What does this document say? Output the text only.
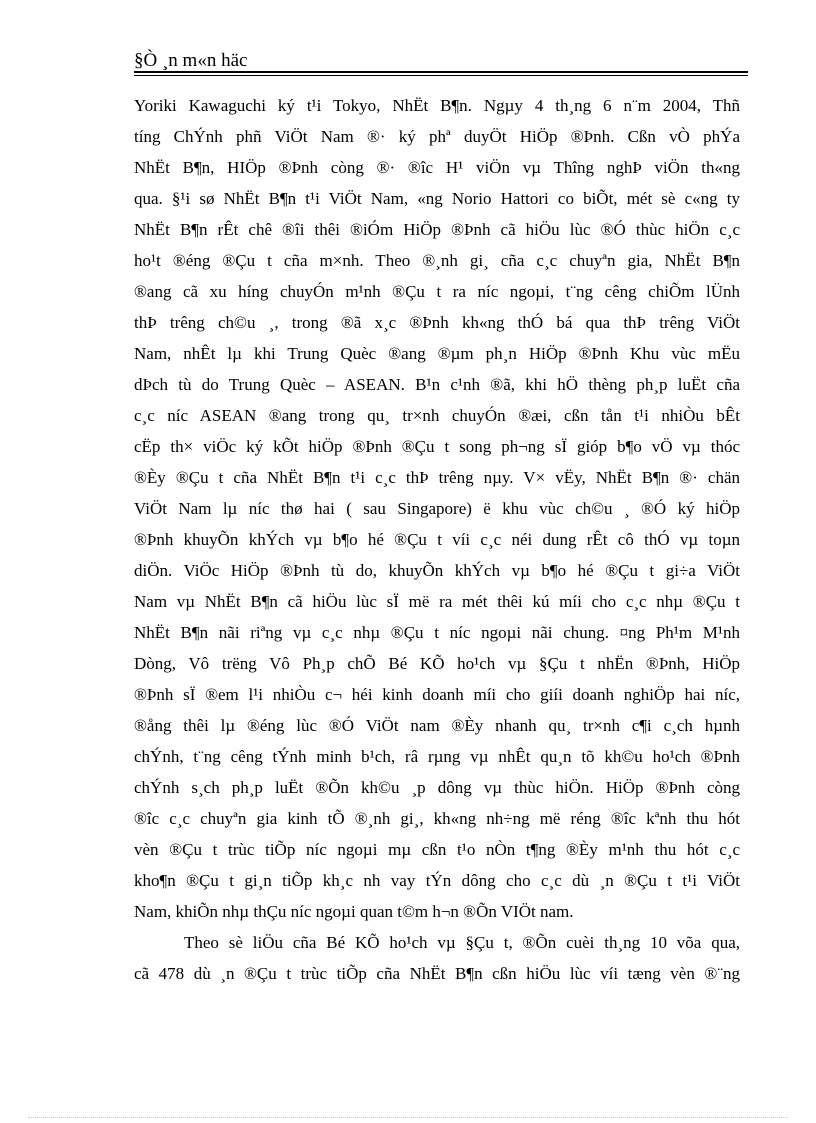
§Ò ¸n m«n häc
Yoriki Kawaguchi ký t¹i Tokyo, NhËt B¶n. Ngµy 4 th¸ng 6 n¨m 2004, Thñ
tíng ChÝnh phñ ViÖt Nam ®· ký phª duyÖt HiÖp ®Þnh. Cßn vÒ phÝa
NhËt B¶n, HIÖp ®Þnh còng ®· ®îc H¹ viÖn vµ Thîng nghÞ viÖn th«ng
qua. §¹i sø NhËt B¶n t¹i ViÖt Nam, «ng Norio Hattori co biÕt, mét sè c«ng ty
NhËt B¶n rÊt chê ®îi thêi ®iÓm HiÖp ®Þnh cã hiÖu lùc ®Ó thùc hiÖn c¸c
ho¹t ®éng ®Çu t cña m×nh. Theo ®¸nh gi¸ cña c¸c chuyªn gia, NhËt B¶n
®ang cã xu híng chuyÓn m¹nh ®Çu t ra níc ngoµi, t¨ng cêng chiÕm lÜnh
thÞ trêng ch©u ¸, trong ®ã x¸c ®Þnh kh«ng thÓ bá qua thÞ trêng ViÖt
Nam, nhÊt lµ khi Trung Quèc ®ang ®µm ph¸n HiÖp ®Þnh Khu vùc mËu
dÞch tù do Trung Quèc – ASEAN. B¹n c¹nh ®ã, khi hÖ thèng ph¸p luËt cña
c¸c níc ASEAN ®ang trong qu¸ tr×nh chuyÓn ®æi, cßn tån t¹i nhiÒu bÊt
cËp th× viÖc ký kÕt hiÖp ®Þnh ®Çu t song ph¬ng sÏ gióp b¶o vÖ vµ thóc
®Èy ®Çu t cña NhËt B¶n t¹i c¸c thÞ trêng nµy. V× vËy, NhËt B¶n ®· chän
ViÖt Nam lµ níc thø hai ( sau Singapore) ë khu vùc ch©u ¸ ®Ó ký hiÖp
®Þnh khuyÕn khÝch vµ b¶o hé ®Çu t víi c¸c néi dung rÊt cô thÓ vµ toµn
diÖn. ViÖc HiÖp ®Þnh tù do, khuyÕn khÝch vµ b¶o hé ®Çu t gi÷a ViÖt
Nam vµ NhËt B¶n cã hiÖu lùc sÏ më ra mét thêi kú míi cho c¸c nhµ ®Çu t
NhËt B¶n nãi riªng vµ c¸c nhµ ®Çu t níc ngoµi nãi chung. ¤ng Ph¹m M¹nh
Dòng, Vô trëng Vô Ph¸p chÕ Bé KÕ ho¹ch vµ §Çu t nhËn ®Þnh, HiÖp
®Þnh sÏ ®em l¹i nhiÒu c¬ héi kinh doanh míi cho giíi doanh nghiÖp hai níc,
®ång thêi lµ ®éng lùc ®Ó ViÖt nam ®Èy nhanh qu¸ tr×nh c¶i c¸ch hµnh
chÝnh, t¨ng cêng tÝnh minh b¹ch, râ rµng vµ nhÊt qu¸n tõ kh©u ho¹ch ®Þnh
chÝnh s¸ch ph¸p luËt ®Õn kh©u ¸p dông vµ thùc hiÖn. HiÖp ®Þnh còng
®îc c¸c chuyªn gia kinh tÕ ®¸nh gi¸, kh«ng nh÷ng më réng ®îc kªnh thu hót
vèn ®Çu t trùc tiÕp níc ngoµi mµ cßn t¹o nÒn t¶ng ®Èy m¹nh thu hót c¸c
kho¶n ®Çu t gi¸n tiÕp kh¸c nh vay tÝn dông cho c¸c dù ¸n ®Çu t t¹i ViÖt
Nam, khiÕn nhµ thÇu níc ngoµi quan t©m h¬n ®Õn VIÖt nam.
Theo sè liÖu cña Bé KÕ ho¹ch vµ §Çu t, ®Õn cuèi th¸ng 10 võa qua,
cã 478 dù ¸n ®Çu t trùc tiÕp cña NhËt B¶n cßn hiÖu lùc víi tæng vèn ®¨ng
